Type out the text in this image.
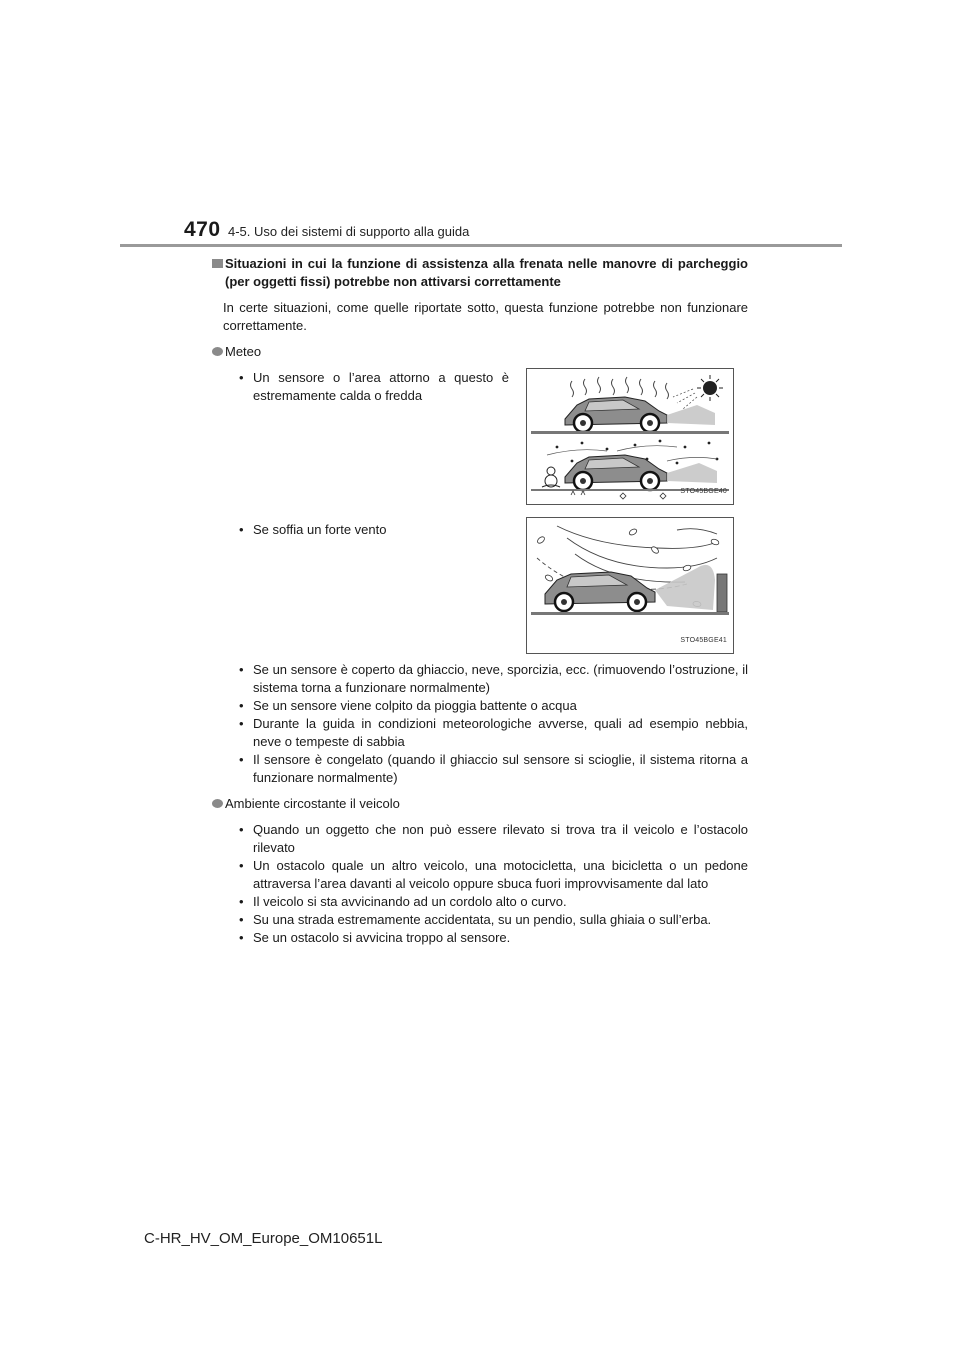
470 4-5. Uso dei sistemi di supporto alla guida
Situazioni in cui la funzione di assistenza alla frenata nelle manovre di parcheggio (per oggetti fissi) potrebbe non attivarsi correttamente
In certe situazioni, come quelle riportate sotto, questa funzione potrebbe non funzionare correttamente.
Meteo
• Un sensore o l’area attorno a questo è estremamente calda o fredda
STO45BGE40
• Se soffia un forte vento
STO45BGE41
• Se un sensore è coperto da ghiaccio, neve, sporcizia, ecc. (rimuovendo l’ostruzione, il sistema torna a funzionare normalmente)
• Se un sensore viene colpito da pioggia battente o acqua
• Durante la guida in condizioni meteorologiche avverse, quali ad esempio nebbia, neve o tempeste di sabbia
• Il sensore è congelato (quando il ghiaccio sul sensore si scioglie, il sistema ritorna a funzionare normalmente)
Ambiente circostante il veicolo
• Quando un oggetto che non può essere rilevato si trova tra il veicolo e l’ostacolo rilevato
• Un ostacolo quale un altro veicolo, una motocicletta, una bicicletta o un pedone attraversa l’area davanti al veicolo oppure sbuca fuori improvvisamente dal lato
• Il veicolo si sta avvicinando ad un cordolo alto o curvo.
• Su una strada estremamente accidentata, su un pendio, sulla ghiaia o sull’erba.
• Se un ostacolo si avvicina troppo al sensore.
C-HR_HV_OM_Europe_OM10651L
